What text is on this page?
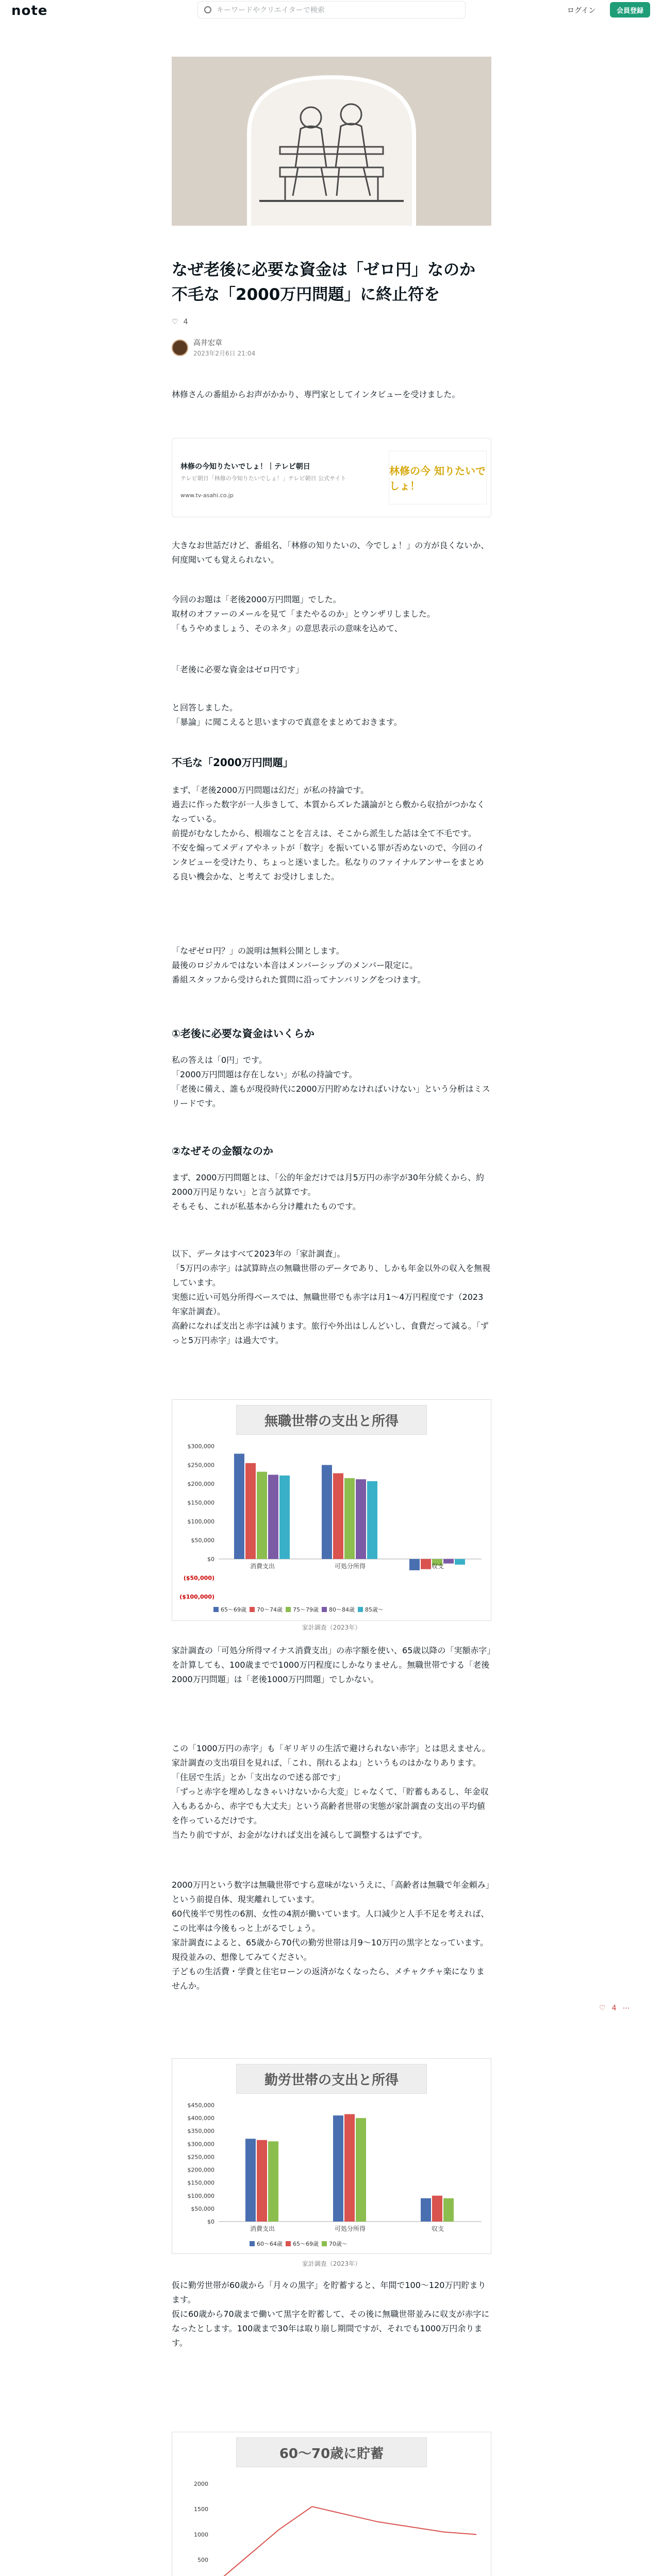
note	キーワードやクリエイターで検索	ログイン	会員登録
なぜ老後に必要な資金は「ゼロ円」なのか　不毛な「2000万円問題」に終止符を
♡ 4
高井宏章
2023年2月6日 21:04
林修さんの番組からお声がかかり、専門家としてインタビューを受けました。
林修の今知りたいでしょ！｜テレビ朝日
テレビ朝日「林修の今知りたいでしょ！」テレビ朝日 公式サイト
www.tv-asahi.co.jp
林修の今 知りたいでしょ！
大きなお世話だけど、番組名、「林修の知りたいの、今でしょ！」の方が良くないか、何度聞いても覚えられない。
今回のお題は「老後2000万円問題」でした。
取材のオファーのメールを見て「またやるのか」とウンザリしました。
「もうやめましょう、そのネタ」の意思表示の意味を込めて、
「老後に必要な資金はゼロ円です」
と回答しました。
「暴論」に聞こえると思いますので真意をまとめておきます。
不毛な「2000万円問題」
まず、「老後2000万円問題は幻だ」が私の持論です。
過去に作った数字が一人歩きして、本質からズレた議論がとら敷から収拾がつかなくなっている。
前提がむなしたから、根端なことを言えは、そこから派生した話は全て不毛です。
不安を煽ってメディアやネットが「数字」を振いている罪が否めないので、今回のインタビューを受けたり、ちょっと迷いました。私なりのファイナルアンサーをまとめる良い機会かな、と考えて お受けしました。
「なぜゼロ円？」の説明は無料公開とします。
最後のロジカルではない本音はメンバーシップのメンバー限定に。
番組スタッフから受けられた質問に沿ってナンバリングをつけます。
①老後に必要な資金はいくらか
私の答えは「0円」です。
「2000万円問題は存在しない」が私の持論です。
「老後に備え、誰もが現役時代に2000万円貯めなければいけない」という分析はミスリードです。
②なぜその金額なのか
まず、2000万円問題とは、「公的年金だけでは月5万円の赤字が30年分続くから、約2000万円足りない」と言う試算です。
そもそも、これが私基本から分け離れたものです。
以下、データはすべて2023年の「家計調査」。
「5万円の赤字」は試算時点の無職世帯のデータであり、しかも年金以外の収入を無視しています。
実態に近い可処分所得ベースでは、無職世帯でも赤字は月1〜4万円程度です（2023年家計調査）。
高齢になれば支出と赤字は減ります。旅行や外出はしんどいし、食費だって減る。「ずっと5万円赤字」は過大です。
無職世帯の支出と所得
$300,000
$250,000
$200,000
$150,000
$100,000
$50,000
$0
($50,000)
($100,000)
消費支出	可処分所得	収支
65〜69歳 70〜74歳 75〜79歳 80〜84歳 85歳〜
家計調査（2023年）
家計調査の「可処分所得マイナス消費支出」の赤字額を使い、65歳以降の「実額赤字」を計算しても、100歳までで1000万円程度にしかなりません。無職世帯でする「老後2000万円問題」は「老後1000万円問題」でしかない。
この「1000万円の赤字」も「ギリギリの生活で避けられない赤字」とは思えません。家計調査の支出項目を見れば、「これ、削れるよね」というものはかなりあります。「住居で生活」とか「支出なので述る部です」
「ずっと赤字を埋めしなきゃいけないから大変」じゃなくて、「貯蓄もあるし、年金収入もあるから、赤字でも大丈夫」という高齢者世帯の実態が家計調査の支出の平均値を作っているだけです。
当たり前ですが、お金がなければ支出を減らして調整するはずです。
2000万円という数字は無職世帯ですら意味がないうえに、「高齢者は無職で年金頼み」という前提自体、現実離れしています。
60代後半で男性の6割、女性の4割が働いています。人口減少と人手不足を考えれば、この比率は今後もっと上がるでしょう。
家計調査によると、65歳から70代の勤労世帯は月9〜10万円の黒字となっています。
現役並みの、想像してみてください。
子どもの生活費・学費と住宅ローンの返済がなくなったら、メチャクチャ楽になりませんか。
勤労世帯の支出と所得
$450,000
$400,000
$350,000
$300,000
$250,000
$200,000
$150,000
$100,000
$50,000
$0
消費支出	可処分所得	収支
60〜64歳 65〜69歳 70歳〜
家計調査（2023年）
仮に勤労世帯が60歳から「月々の黒字」を貯蓄すると、年間で100〜120万円貯まります。
仮に60歳から70歳まで働いて黒字を貯蓄して、その後に無職世帯並みに収支が赤字になったとします。100歳まで30年は取り崩し期間ですが、それでも1000万円余ります。
60〜70歳に貯蓄
2000
1500
1000
500
♡ 4 ⋯
